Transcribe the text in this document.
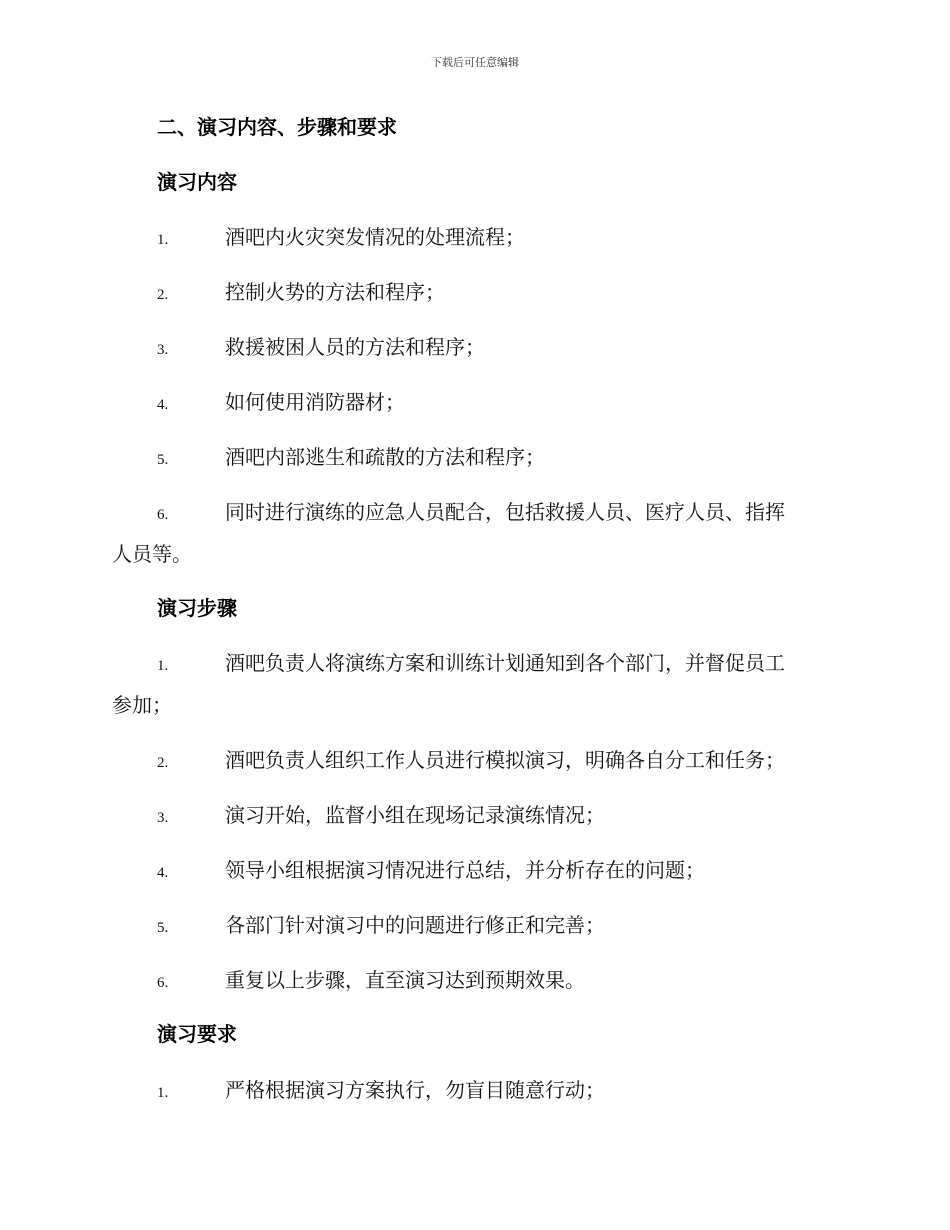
下载后可任意编辑
二、演习内容、步骤和要求
演习内容
1.	酒吧内火灾突发情况的处理流程；
2.	控制火势的方法和程序；
3.	救援被困人员的方法和程序；
4.	如何使用消防器材；
5.	酒吧内部逃生和疏散的方法和程序；
6.	同时进行演练的应急人员配合，包括救援人员、医疗人员、指挥
人员等。
演习步骤
1.	酒吧负责人将演练方案和训练计划通知到各个部门，并督促员工
参加；
2.	酒吧负责人组织工作人员进行模拟演习，明确各自分工和任务；
3.	演习开始，监督小组在现场记录演练情况；
4.	领导小组根据演习情况进行总结，并分析存在的问题；
5.	各部门针对演习中的问题进行修正和完善；
6.	重复以上步骤，直至演习达到预期效果。
演习要求
1.	严格根据演习方案执行，勿盲目随意行动；
